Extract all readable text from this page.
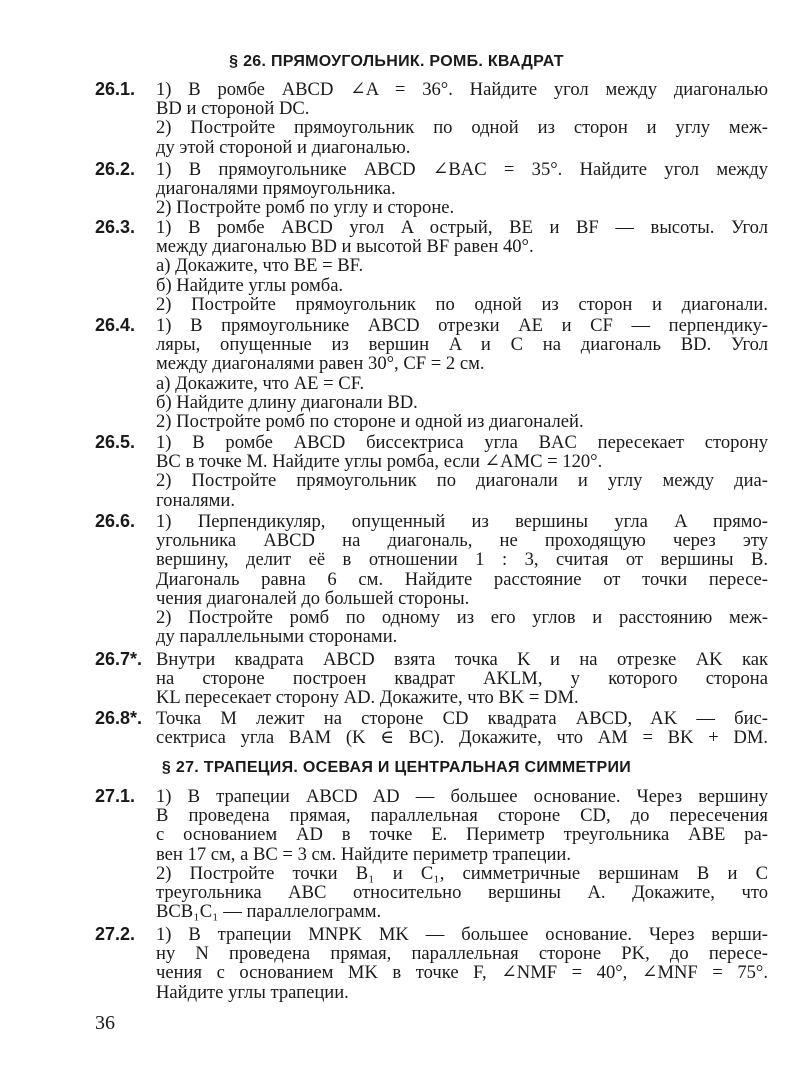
§ 26. ПРЯМОУГОЛЬНИК. РОМБ. КВАДРАТ
26.1. 1) В ромбе ABCD ∠A = 36°. Найдите угол между диагональю
BD и стороной DC.
2) Постройте прямоугольник по одной из сторон и углу меж-
ду этой стороной и диагональю.
26.2. 1) В прямоугольнике ABCD ∠BAC = 35°. Найдите угол между
диагоналями прямоугольника.
2) Постройте ромб по углу и стороне.
26.3. 1) В ромбе ABCD угол A острый, BE и BF — высоты. Угол
между диагональю BD и высотой BF равен 40°.
а) Докажите, что BE = BF.
б) Найдите углы ромба.
2) Постройте прямоугольник по одной из сторон и диагонали.
26.4. 1) В прямоугольнике ABCD отрезки AE и CF — перпендику-
ляры, опущенные из вершин A и C на диагональ BD. Угол
между диагоналями равен 30°, CF = 2 см.
а) Докажите, что AE = CF.
б) Найдите длину диагонали BD.
2) Постройте ромб по стороне и одной из диагоналей.
26.5. 1) В ромбе ABCD биссектриса угла BAC пересекает сторону
BC в точке M. Найдите углы ромба, если ∠AMC = 120°.
2) Постройте прямоугольник по диагонали и углу между диа-
гоналями.
26.6. 1) Перпендикуляр, опущенный из вершины угла A прямо-
угольника ABCD на диагональ, не проходящую через эту
вершину, делит её в отношении 1 : 3, считая от вершины B.
Диагональ равна 6 см. Найдите расстояние от точки пересе-
чения диагоналей до большей стороны.
2) Постройте ромб по одному из его углов и расстоянию меж-
ду параллельными сторонами.
26.7*. Внутри квадрата ABCD взята точка K и на отрезке AK как
на стороне построен квадрат AKLM, у которого сторона
KL пересекает сторону AD. Докажите, что BK = DM.
26.8*. Точка M лежит на стороне CD квадрата ABCD, AK — бис-
сектриса угла BAM (K ∈ BC). Докажите, что AM = BK + DM.
§ 27. ТРАПЕЦИЯ. ОСЕВАЯ И ЦЕНТРАЛЬНАЯ СИММЕТРИИ
27.1. 1) В трапеции ABCD AD — большее основание. Через вершину
B проведена прямая, параллельная стороне CD, до пересечения
с основанием AD в точке E. Периметр треугольника ABE ра-
вен 17 см, а BC = 3 см. Найдите периметр трапеции.
2) Постройте точки B₁ и C₁, симметричные вершинам B и C
треугольника ABC относительно вершины A. Докажите, что
BCB₁C₁ — параллелограмм.
27.2. 1) В трапеции MNPK MK — большее основание. Через верши-
ну N проведена прямая, параллельная стороне PK, до пересе-
чения с основанием MK в точке F, ∠NMF = 40°, ∠MNF = 75°.
Найдите углы трапеции.
36
